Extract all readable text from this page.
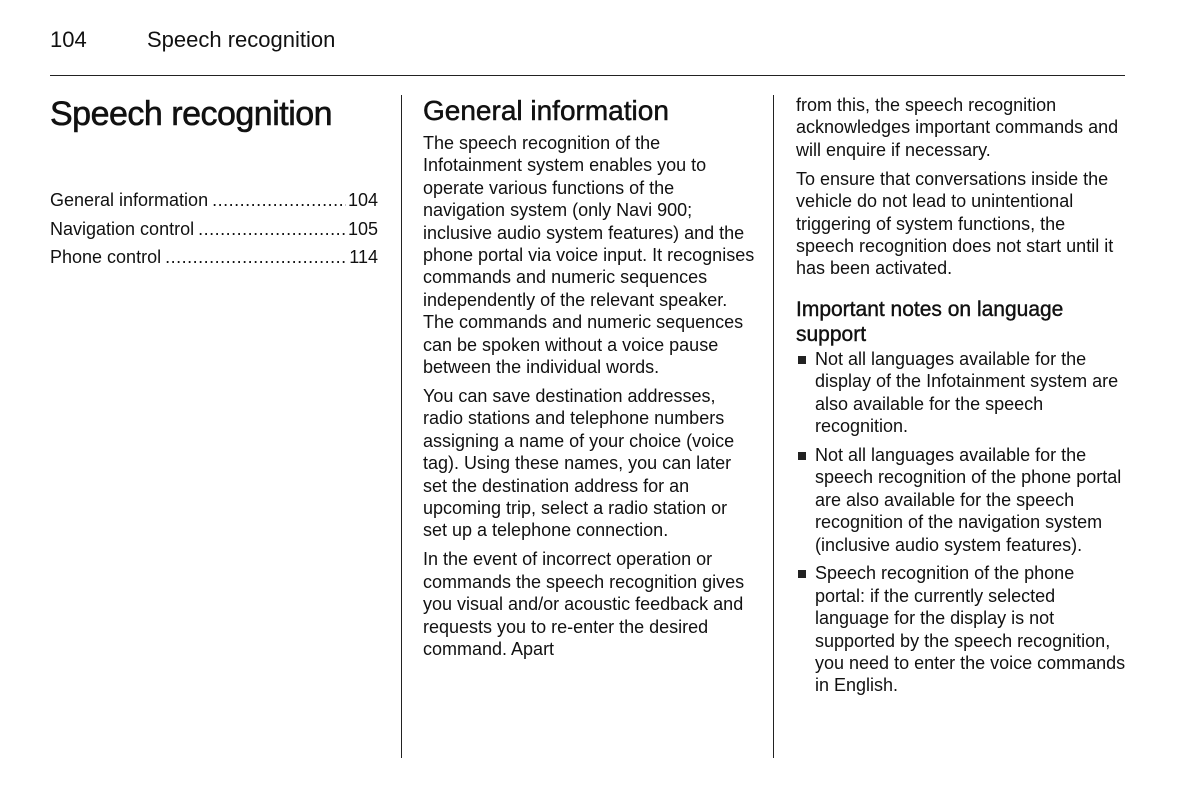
104	Speech recognition
Speech recognition
General information .....	104
Navigation control .....	105
Phone control .....	114
General information

The speech recognition of the Infotainment system enables you to operate various functions of the navigation system (only Navi 900; inclusive audio system features) and the phone portal via voice input. It recognises commands and numeric sequences independently of the relevant speaker. The commands and numeric sequences can be spoken without a voice pause between the individual words.

You can save destination addresses, radio stations and telephone numbers assigning a name of your choice (voice tag). Using these names, you can later set the destination address for an upcoming trip, select a radio station or set up a telephone connection.

In the event of incorrect operation or commands the speech recognition gives you visual and/or acoustic feedback and requests you to re-enter the desired command. Apart

from this, the speech recognition acknowledges important commands and will enquire if necessary.

To ensure that conversations inside the vehicle do not lead to unintentional triggering of system functions, the speech recognition does not start until it has been activated.

Important notes on language support
Not all languages available for the display of the Infotainment system are also available for the speech recognition.
Not all languages available for the speech recognition of the phone portal are also available for the speech recognition of the navigation system (inclusive audio system features).
Speech recognition of the phone portal: if the currently selected language for the display is not supported by the speech recognition, you need to enter the voice commands in English.
